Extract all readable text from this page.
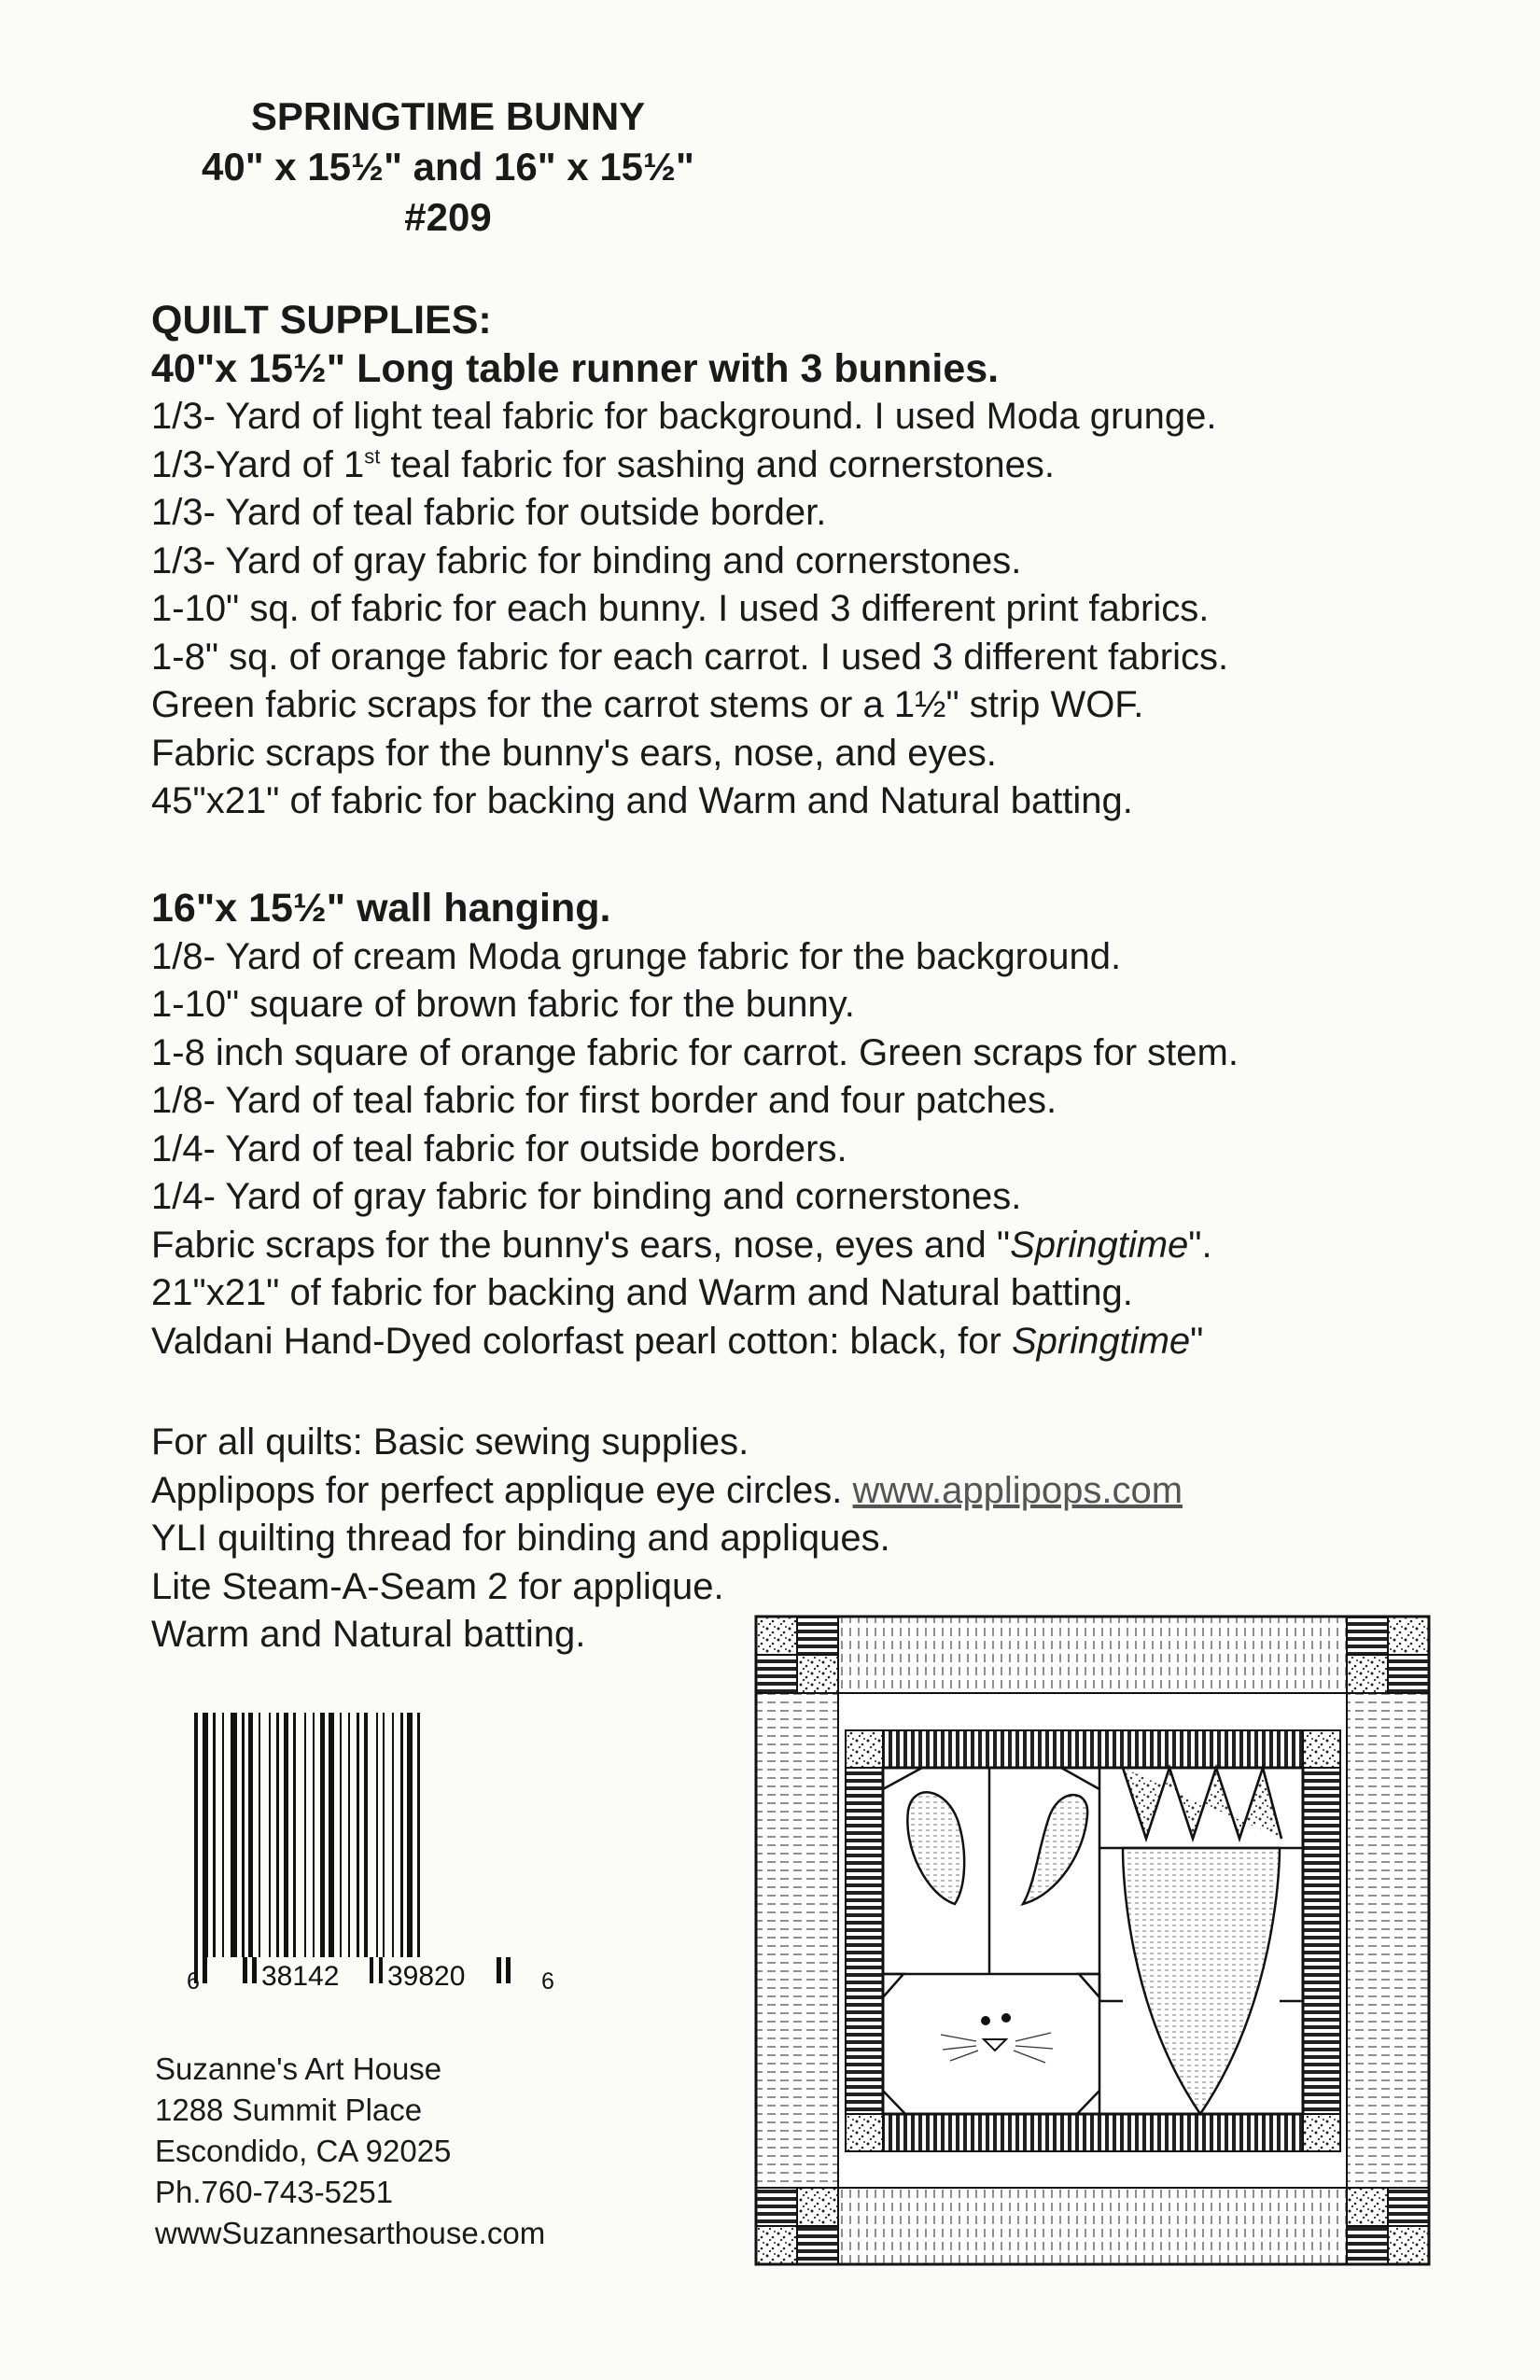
SPRINGTIME BUNNY
40" x 15½" and 16" x 15½"
#209
QUILT SUPPLIES:
40"x 15½" Long table runner with 3 bunnies.
1/3- Yard of light teal fabric for background. I used Moda grunge.
1/3-Yard of 1st teal fabric for sashing and cornerstones.
1/3- Yard of teal fabric for outside border.
1/3- Yard of gray fabric for binding and cornerstones.
1-10" sq. of fabric for each bunny. I used 3 different print fabrics.
1-8" sq. of orange fabric for each carrot. I used 3 different fabrics.
Green fabric scraps for the carrot stems or a 1½" strip WOF.
Fabric scraps for the bunny's ears, nose, and eyes.
45"x21" of fabric for backing and Warm and Natural batting.
16"x 15½" wall hanging.
1/8- Yard of cream Moda grunge fabric for the background.
1-10" square of brown fabric for the bunny.
1-8 inch square of orange fabric for carrot. Green scraps for stem.
1/8- Yard of teal fabric for first border and four patches.
1/4- Yard of teal fabric for outside borders.
1/4- Yard of gray fabric for binding and cornerstones.
Fabric scraps for the bunny's ears, nose, eyes and "Springtime".
21"x21" of fabric for backing and Warm and Natural batting.
Valdani Hand-Dyed colorfast pearl cotton: black, for Springtime"
For all quilts: Basic sewing supplies.
Applipops for perfect applique eye circles. www.applipops.com
YLI quilting thread for binding and appliques.
Lite Steam-A-Seam 2 for applique.
Warm and Natural batting.
6 38142 39820	6
Suzanne's Art House
1288 Summit Place
Escondido, CA 92025
Ph.760-743-5251
wwwSuzannesarthouse.com
